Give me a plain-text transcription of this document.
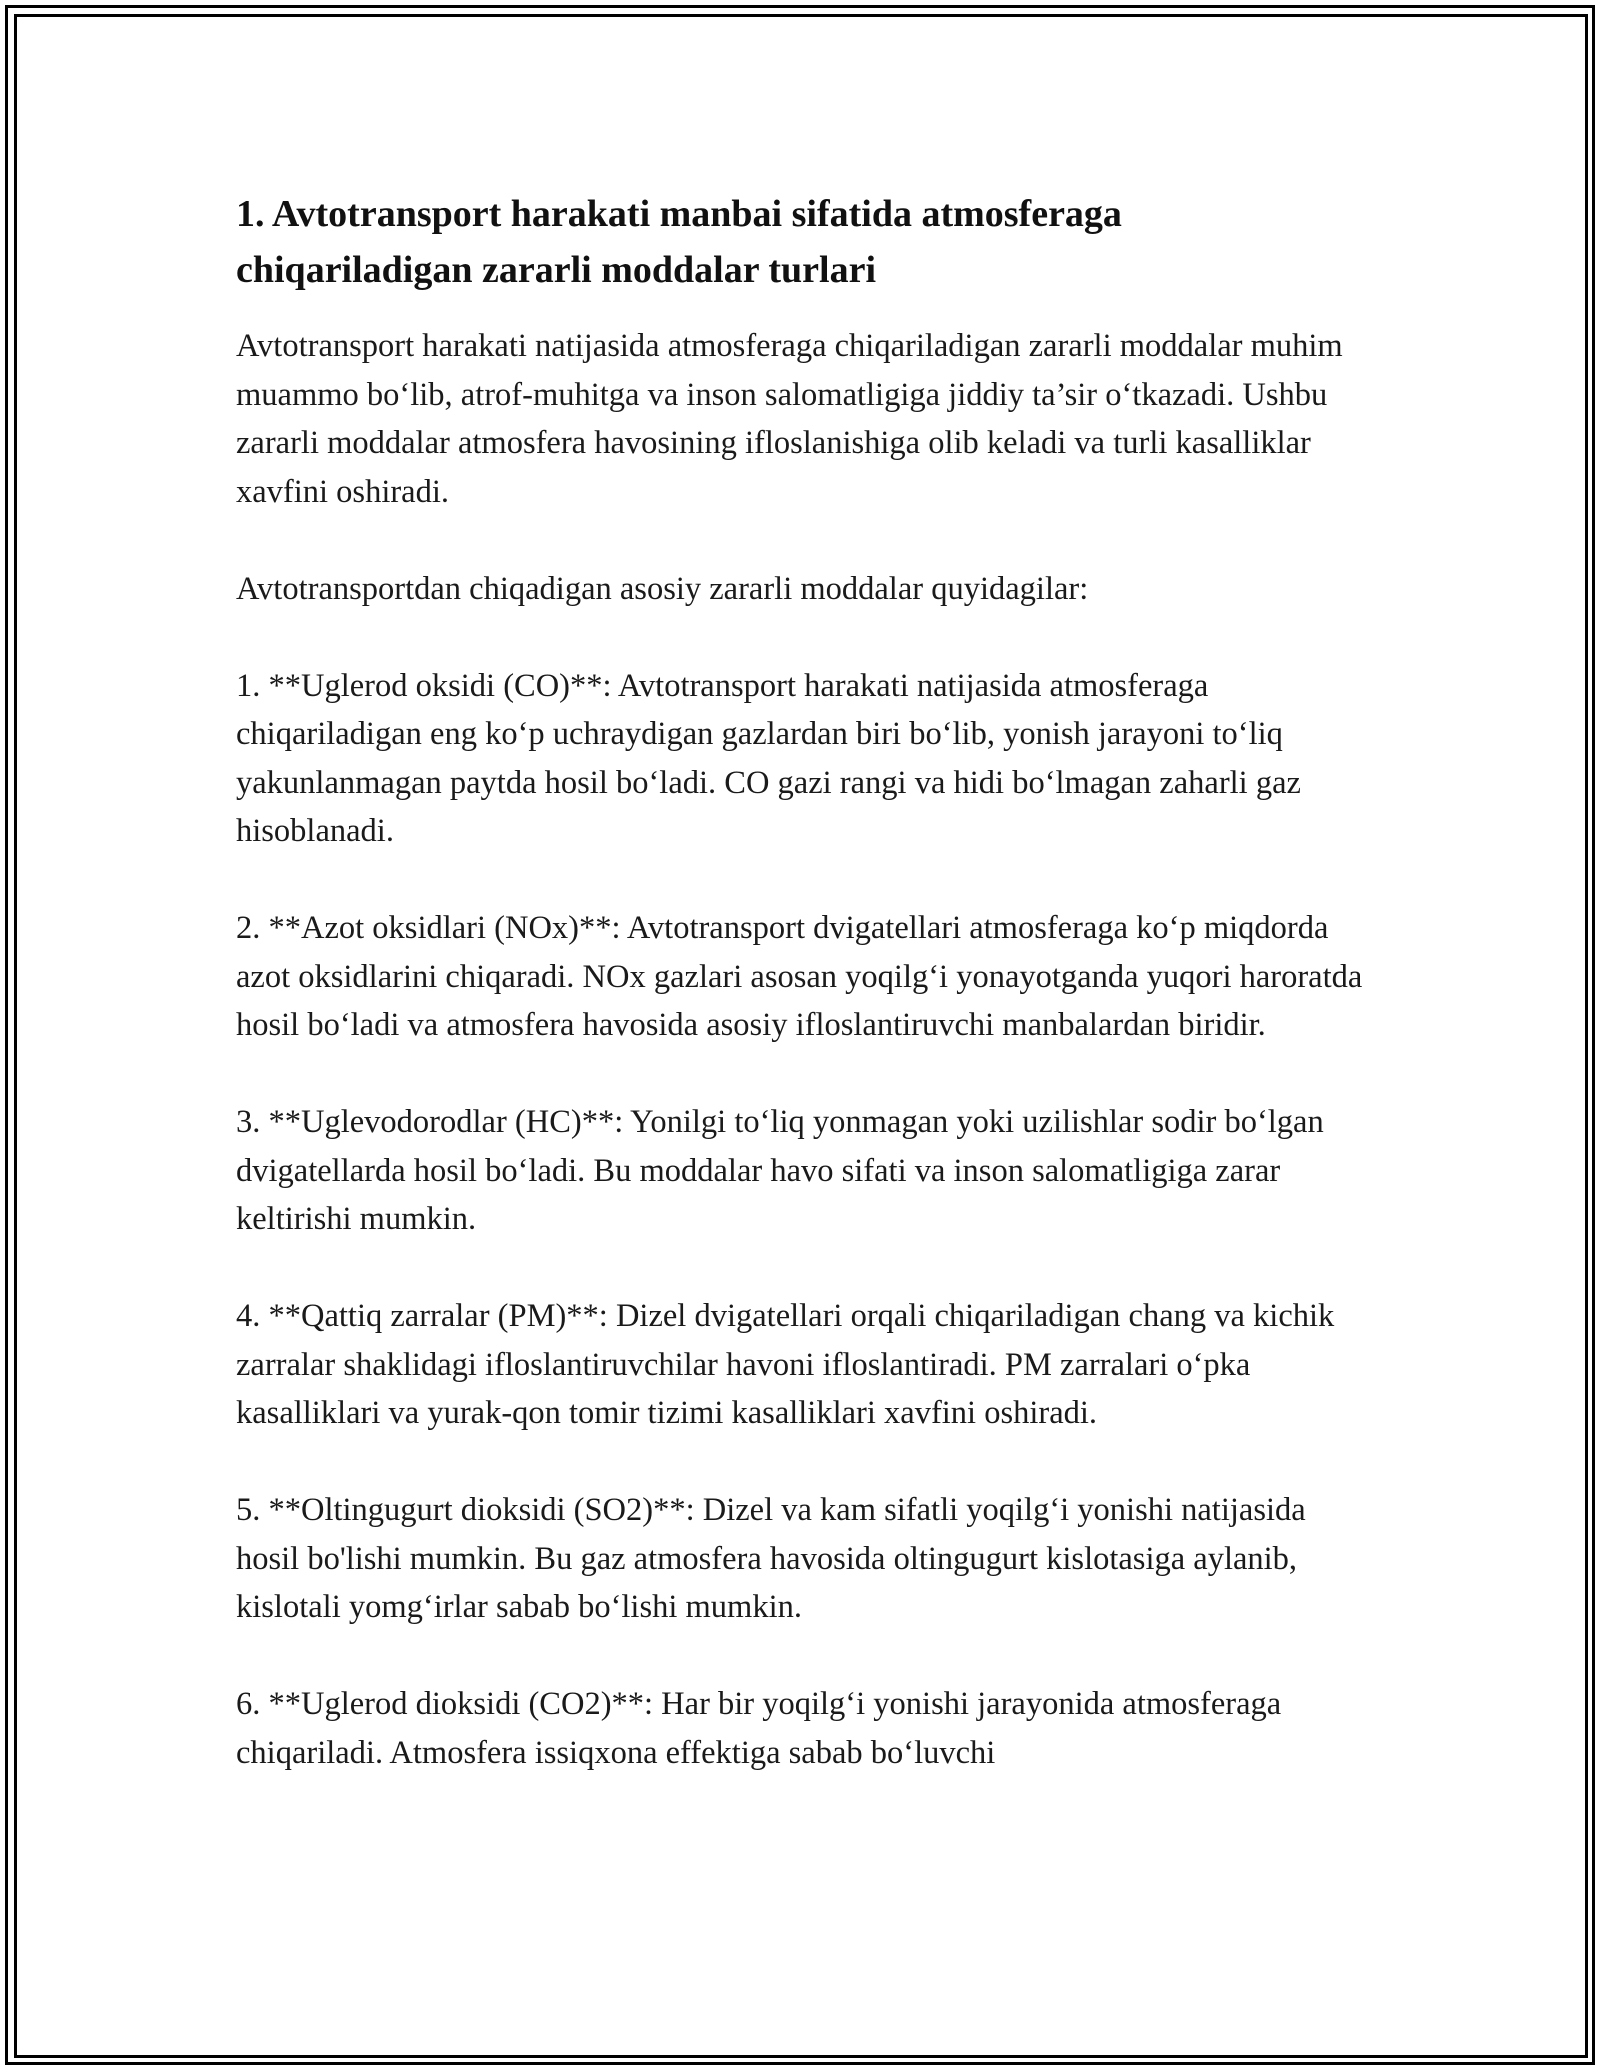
1. Avtotransport harakati manbai sifatida atmosferaga chiqariladigan zararli moddalar turlari

Avtotransport harakati natijasida atmosferaga chiqariladigan zararli moddalar muhim muammo bo‘lib, atrof-muhitga va inson salomatligiga jiddiy ta’sir o‘tkazadi. Ushbu zararli moddalar atmosfera havosining ifloslanishiga olib keladi va turli kasalliklar xavfini oshiradi.

Avtotransportdan chiqadigan asosiy zararli moddalar quyidagilar:

1. **Uglerod oksidi (CO)**: Avtotransport harakati natijasida atmosferaga chiqariladigan eng ko‘p uchraydigan gazlardan biri bo‘lib, yonish jarayoni to‘liq yakunlanmagan paytda hosil bo‘ladi. CO gazi rangi va hidi bo‘lmagan zaharli gaz hisoblanadi.

2. **Azot oksidlari (NOx)**: Avtotransport dvigatellari atmosferaga ko‘p miqdorda azot oksidlarini chiqaradi. NOx gazlari asosan yoqilg‘i yonayotganda yuqori haroratda hosil bo‘ladi va atmosfera havosida asosiy ifloslantiruvchi manbalardan biridir.

3. **Uglevodorodlar (HC)**: Yonilgi to‘liq yonmagan yoki uzilishlar sodir bo‘lgan dvigatellarda hosil bo‘ladi. Bu moddalar havo sifati va inson salomatligiga zarar keltirishi mumkin.

4. **Qattiq zarralar (PM)**: Dizel dvigatellari orqali chiqariladigan chang va kichik zarralar shaklidagi ifloslantiruvchilar havoni ifloslantiradi. PM zarralari o‘pka kasalliklari va yurak-qon tomir tizimi kasalliklari xavfini oshiradi.

5. **Oltingugurt dioksidi (SO2)**: Dizel va kam sifatli yoqilg‘i yonishi natijasida hosil bo'lishi mumkin. Bu gaz atmosfera havosida oltingugurt kislotasiga aylanib, kislotali yomg‘irlar sabab bo‘lishi mumkin.

6. **Uglerod dioksidi (CO2)**: Har bir yoqilg‘i yonishi jarayonida atmosferaga chiqariladi. Atmosfera issiqxona effektiga sabab bo‘luvchi
